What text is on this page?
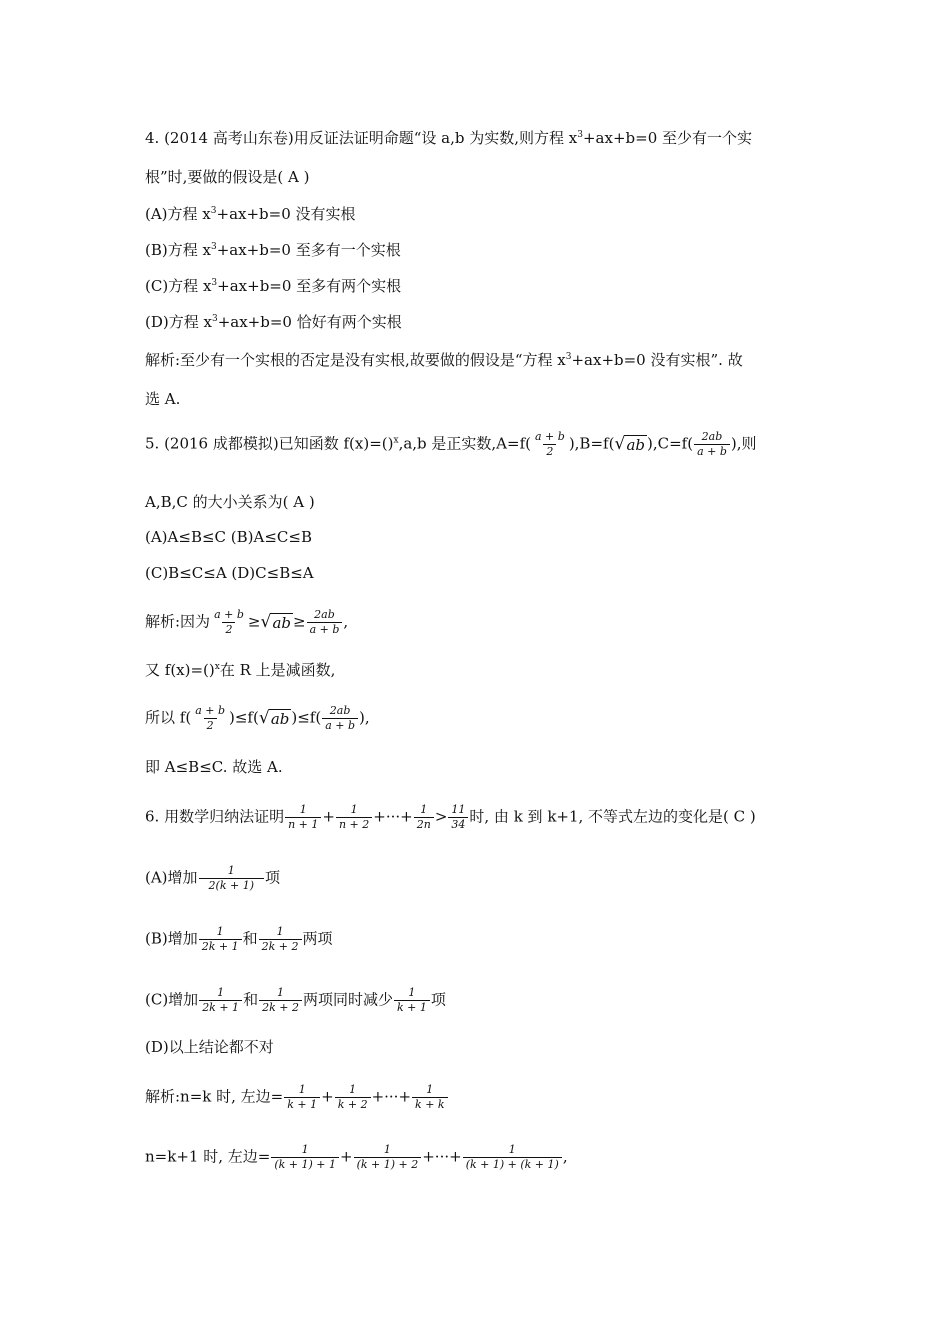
4. (2014 高考山东卷)用反证法证明命题“设 a,b 为实数,则方程 $x^3+ax+b=0$ 至少有一个实
根”时,要做的假设是( A )
(A)方程 $x^3+ax+b=0$ 没有实根
(B)方程 $x^3+ax+b=0$ 至多有一个实根
(C)方程 $x^3+ax+b=0$ 至多有两个实根
(D)方程 $x^3+ax+b=0$ 恰好有两个实根
解析:至少有一个实根的否定是没有实根,故要做的假设是“方程 $x^3+ax+b=0$ 没有实根”. 故
选 A.
5. (2016 成都模拟)已知函数 f(x)=()$^x$,a,b 是正实数$,A=f( \frac{a + b}{2} ),B=f$( √ ab )$,C=f( \frac{2ab}{a + b}$ ),则
A,B,C 的大小关系为( A )
(A)A≤B≤C (B)A≤C≤B
(C)B≤C≤A (D)C≤B≤A
解析:因为 $\frac{a + b}{2}$ ≥ √ ab ≥ $\frac{2ab}{a + b}$ ,
又 f(x)=()$^x$在 R 上是减函数,
所以 $f( \frac{a + b}{2} )\le f$( √ ab )$\le f( \frac{2ab}{a + b}$ ),
即 A≤B≤C. 故选 A.
6. 用数学归纳法证明 $\frac{1}{n + 1} + \frac{1}{n + 2}$ +···+ $\frac{1}{2n} > \frac{11}{34}$ 时, 由 k 到 k+1, 不等式左边的变化是( C )
(A)增加 $\frac{1}{2(k + 1)}$ 项
(B)增加 $\frac{1}{2k + 1}$ 和 $\frac{1}{2k + 2}$ 两项
(C)增加 $\frac{1}{2k + 1}$ 和 $\frac{1}{2k + 2}$ 两项同时减少 $\frac{1}{k + 1}$ 项
(D)以上结论都不对
解析:n=k 时, 左边= $\frac{1}{k + 1} + \frac{1}{k + 2}$ +···+ $\frac{1}{k + k}$
n=k+1 时, 左边= $\frac{1}{(k + 1) + 1} + \frac{1}{(k + 1) + 2}$ +···+ $\frac{1}{(k + 1) + (k + 1)}$ ,
